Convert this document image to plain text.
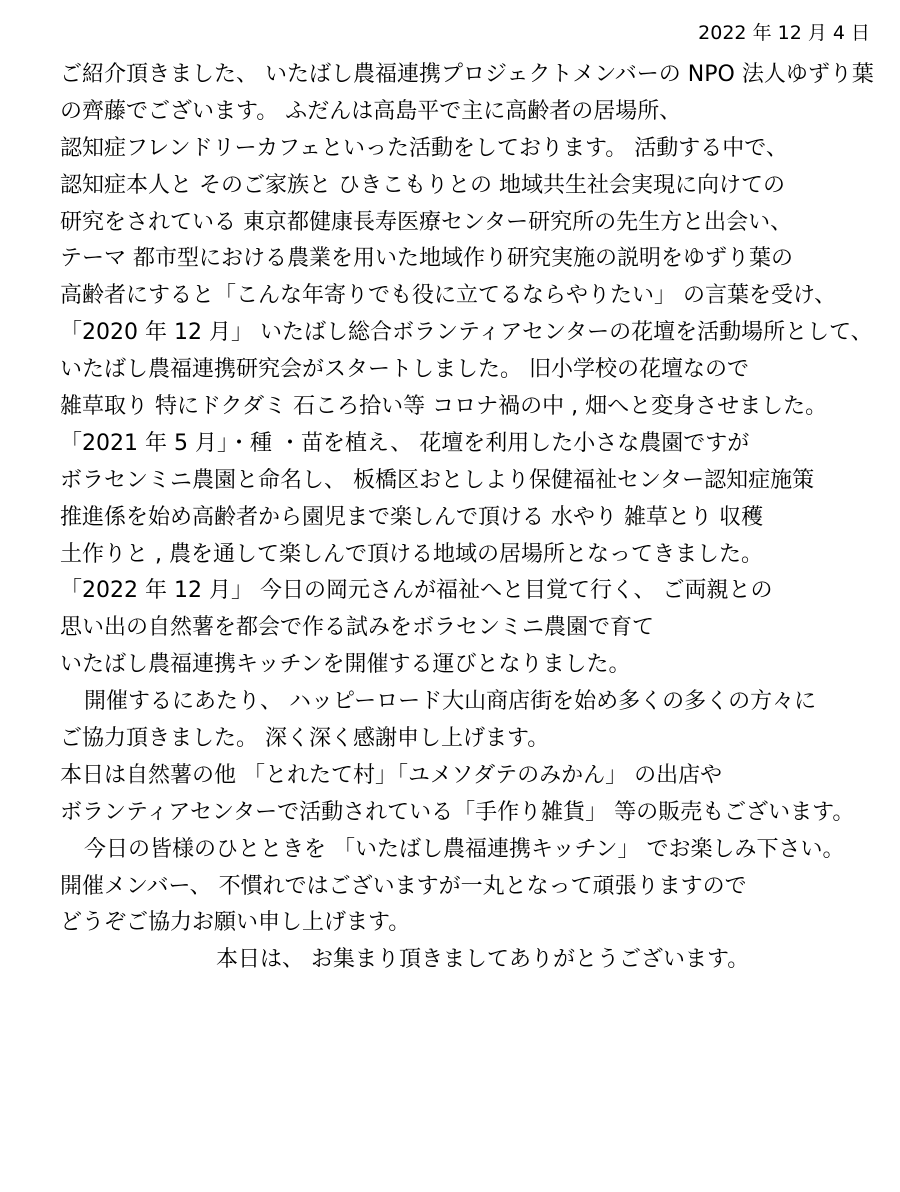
2022 年 12 月 4 日
ご紹介頂きました、 いたばし農福連携プロジェクトメンバーの NPO 法人ゆずり葉
の齊藤でございます。 ふだんは高島平で主に高齢者の居場所、
認知症フレンドリーカフェといった活動をしております。 活動する中で、
認知症本人と そのご家族と ひきこもりとの 地域共生社会実現に向けての
研究をされている 東京都健康長寿医療センター研究所の先生方と出会い、
テーマ 都市型における農業を用いた地域作り研究実施の説明をゆずり葉の
高齢者にすると「こんな年寄りでも役に立てるならやりたい」 の言葉を受け、
「2020 年 12 月」 いたばし総合ボランティアセンターの花壇を活動場所として、
いたばし農福連携研究会がスタートしました。 旧小学校の花壇なので
雑草取り 特にドクダミ 石ころ拾い等 コロナ禍の中 , 畑へと変身させました。
「2021 年 5 月」・種 ・苗を植え、 花壇を利用した小さな農園ですが
ボラセンミニ農園と命名し、 板橋区おとしより保健福祉センター認知症施策
推進係を始め高齢者から園児まで楽しんで頂ける 水やり 雑草とり 収穫
土作りと , 農を通して楽しんで頂ける地域の居場所となってきました。
「2022 年 12 月」 今日の岡元さんが福祉へと目覚て行く、 ご両親との
思い出の自然薯を都会で作る試みをボラセンミニ農園で育て
いたばし農福連携キッチンを開催する運びとなりました。
開催するにあたり、 ハッピーロード大山商店街を始め多くの多くの方々に
ご協力頂きました。 深く深く感謝申し上げます。
本日は自然薯の他 「とれたて村」「ユメソダテのみかん」 の出店や
ボランティアセンターで活動されている「手作り雑貨」 等の販売もございます。
今日の皆様のひとときを 「いたばし農福連携キッチン」 でお楽しみ下さい。
開催メンバー、 不慣れではございますが一丸となって頑張りますので
どうぞご協力お願い申し上げます。
本日は、 お集まり頂きましてありがとうございます。
